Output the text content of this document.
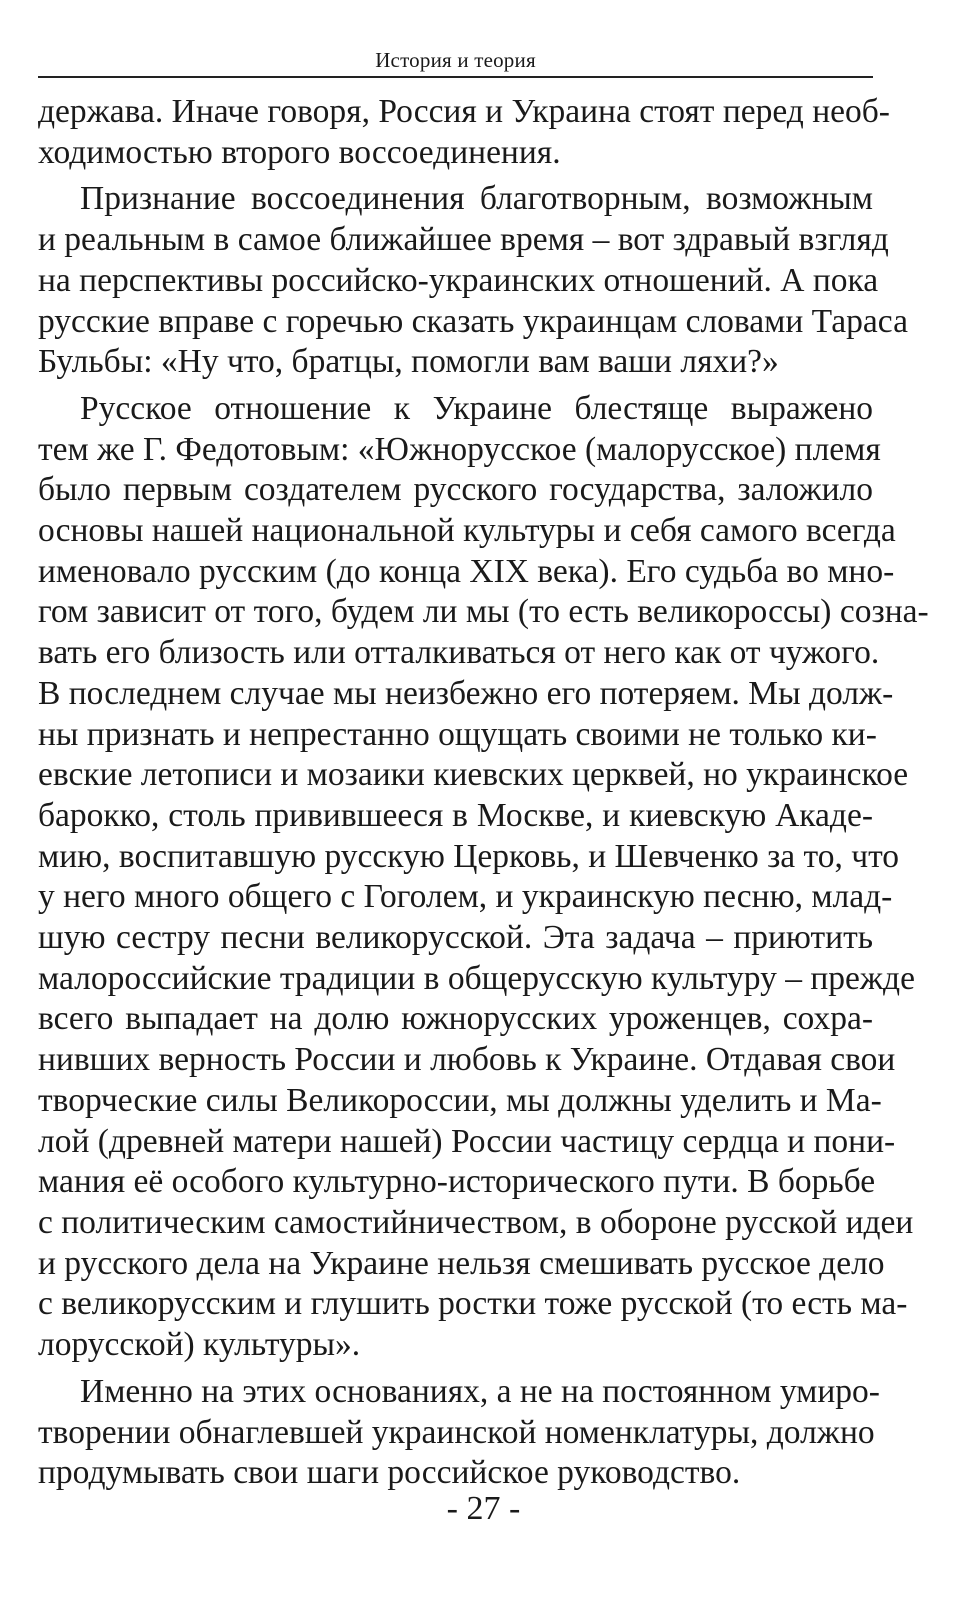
История и теория

держава. Иначе говоря, Россия и Украина стоят перед необ-
ходимостью второго воссоединения.

Признание воссоединения благотворным, возможным
и реальным в самое ближайшее время – вот здравый взгляд
на перспективы российско-украинских отношений. А пока
русские вправе с горечью сказать украинцам словами Тараса
Бульбы: «Ну что, братцы, помогли вам ваши ляхи?»

Русское отношение к Украине блестяще выражено
тем же Г. Федотовым: «Южнорусское (малорусское) племя
было первым создателем русского государства, заложило
основы нашей национальной культуры и себя самого всегда
именовало русским (до конца XIX века). Его судьба во мно-
гом зависит от того, будем ли мы (то есть великороссы) созна-
вать его близость или отталкиваться от него как от чужого.
В последнем случае мы неизбежно его потеряем. Мы долж-
ны признать и непрестанно ощущать своими не только ки-
евские летописи и мозаики киевских церквей, но украинское
барокко, столь привившееся в Москве, и киевскую Акаде-
мию, воспитавшую русскую Церковь, и Шевченко за то, что
у него много общего с Гоголем, и украинскую песню, млад-
шую сестру песни великорусской. Эта задача – приютить
малороссийские традиции в общерусскую культуру – прежде
всего выпадает на долю южнорусских уроженцев, сохра-
нивших верность России и любовь к Украине. Отдавая свои
творческие силы Великороссии, мы должны уделить и Ма-
лой (древней матери нашей) России частицу сердца и пони-
мания её особого культурно-исторического пути. В борьбе
с политическим самостийничеством, в обороне русской идеи
и русского дела на Украине нельзя смешивать русское дело
с великорусским и глушить ростки тоже русской (то есть ма-
лорусской) культуры».

Именно на этих основаниях, а не на постоянном умиро-
творении обнаглевшей украинской номенклатуры, должно
продумывать свои шаги российское руководство.

- 27 -
